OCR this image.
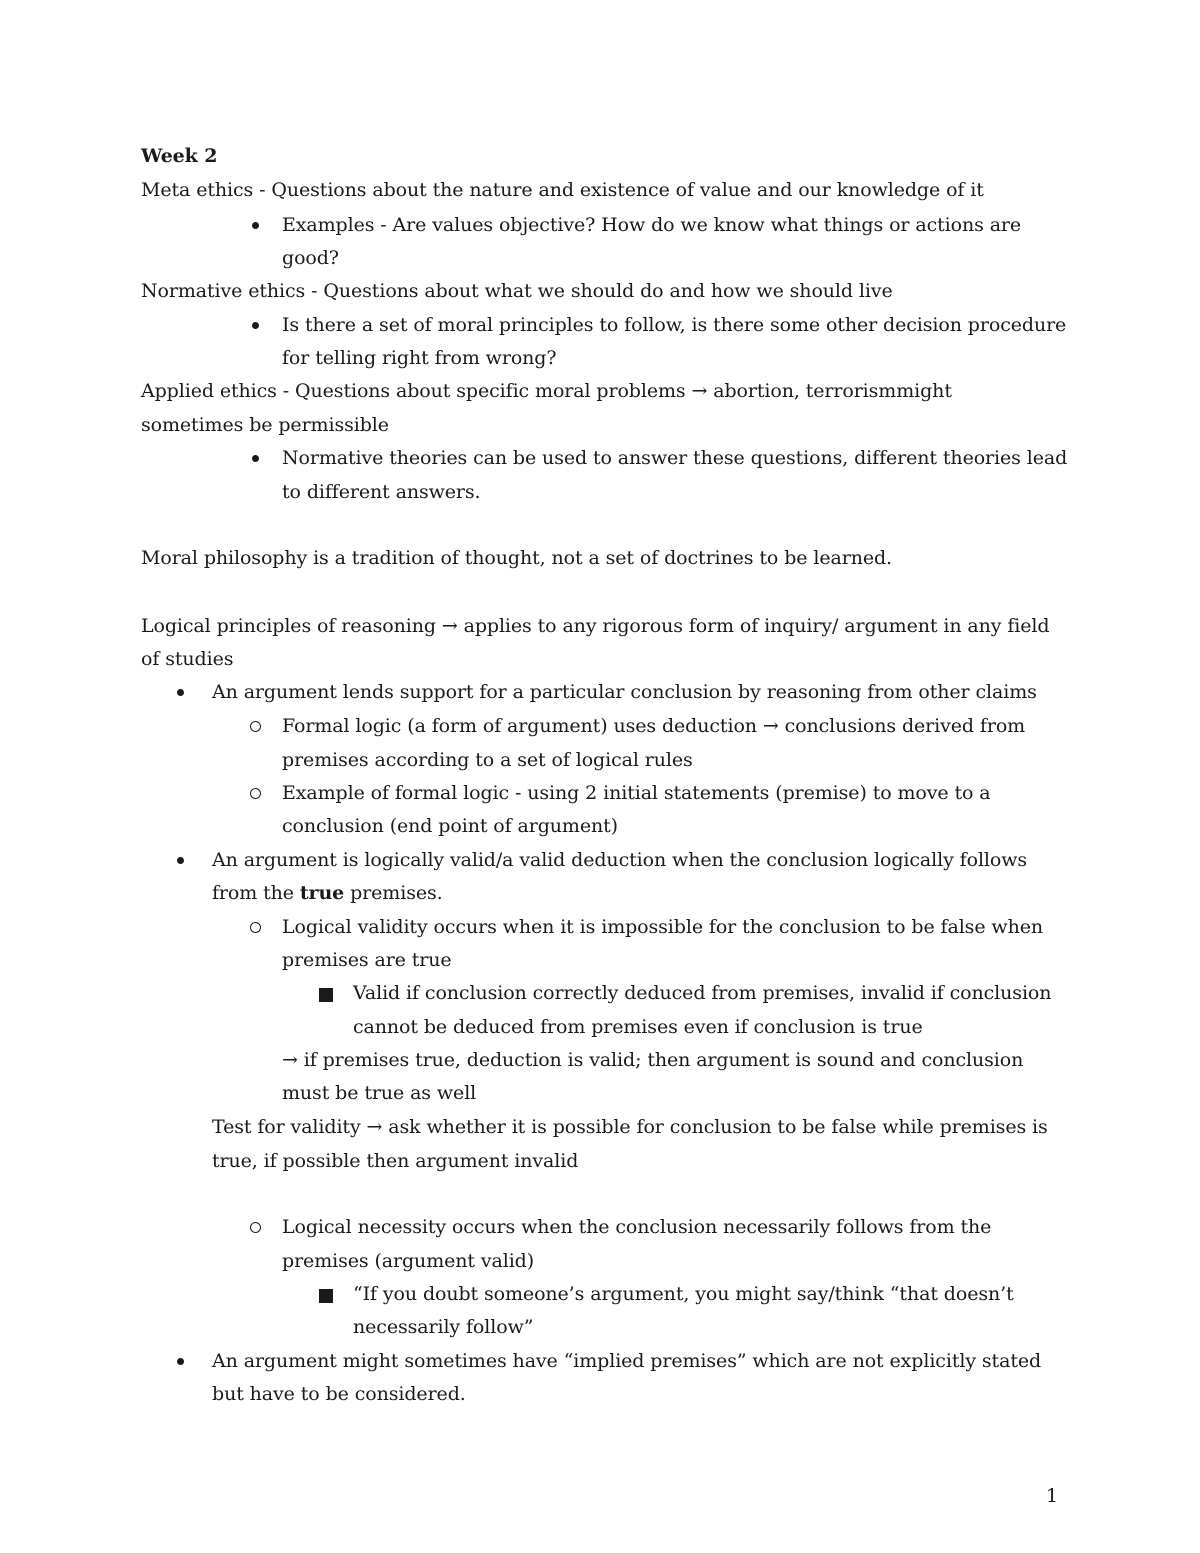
Week 2
Meta ethics - Questions about the nature and existence of value and our knowledge of it
Examples - Are values objective? How do we know what things or actions are
good?
Normative ethics - Questions about what we should do and how we should live
Is there a set of moral principles to follow, is there some other decision procedure
for telling right from wrong?
Applied ethics - Questions about specific moral problems → abortion, terrorismmight
sometimes be permissible
Normative theories can be used to answer these questions, different theories lead
to different answers.
Moral philosophy is a tradition of thought, not a set of doctrines to be learned.
Logical principles of reasoning → applies to any rigorous form of inquiry/ argument in any field
of studies
An argument lends support for a particular conclusion by reasoning from other claims
Formal logic (a form of argument) uses deduction → conclusions derived from
premises according to a set of logical rules
Example of formal logic - using 2 initial statements (premise) to move to a
conclusion (end point of argument)
An argument is logically valid/a valid deduction when the conclusion logically follows
from the true premises.
Logical validity occurs when it is impossible for the conclusion to be false when
premises are true
Valid if conclusion correctly deduced from premises, invalid if conclusion
cannot be deduced from premises even if conclusion is true
→ if premises true, deduction is valid; then argument is sound and conclusion
must be true as well
Test for validity → ask whether it is possible for conclusion to be false while premises is
true, if possible then argument invalid
Logical necessity occurs when the conclusion necessarily follows from the
premises (argument valid)
“If you doubt someone’s argument, you might say/think “that doesn’t
necessarily follow”
An argument might sometimes have “implied premises” which are not explicitly stated
but have to be considered.
1
